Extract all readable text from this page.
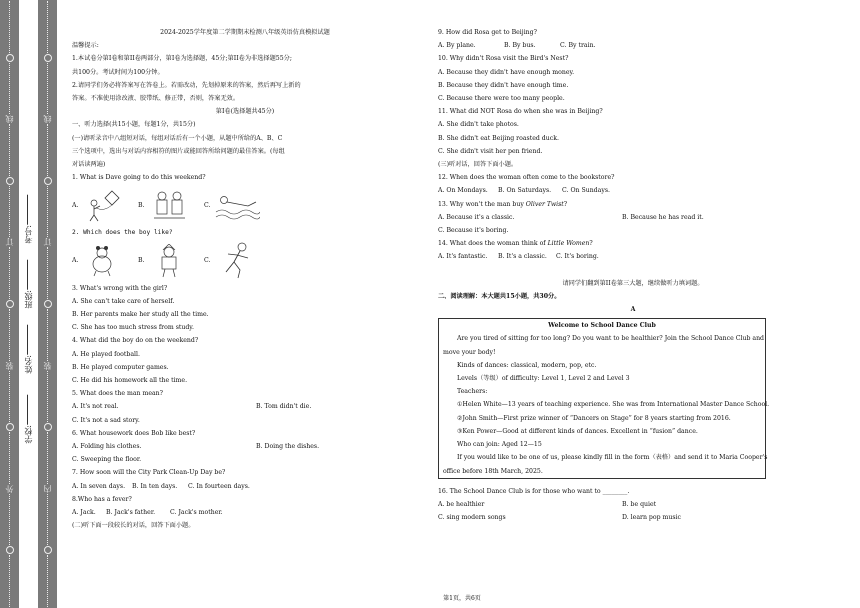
线
订
装
外
学校:
姓名:
班级:
考号:
线
订
装
内

2024-2025学年度第二学期期末检测八年级英语仿真模拟试题

温馨提示:

1.本试卷分第I卷和第II卷两部分，第I卷为选择题，45分;第II卷为非选择题55分;

共100分。考试时间为100分钟。

2.请同学们务必将答案写在答卷上。若需改动，先划掉原来的答案，然后再写上新的

答案。不准使用涂改液、胶带纸、修正带，否则，答案无效。

第I卷(选择题共45分)

一、听力选择(共15小题，每题1分，共15分)

(一)请听录音中八组短对话，每组对话后有一个小题，从题中所给的A、B、C

三个选项中，选出与对话内容相符的图片或能回答所给问题的最佳答案。(每组

对话读两遍)

1. What is Dave going to do this weekend?

A.	B.	C.

2. Which does the boy like?

A.	B.	C.

3. What's wrong with the girl?

A. She can't take care of herself.

B. Her parents make her study all the time.

C. She has too much stress from study.

4. What did the boy do on the weekend?

A. He played football.

B. He played computer games.

C. He did his homework all the time.

5. What does the man mean?

A. It's not real.	B. Tom didn't die.

C. It's not a sad story.

6. What housework does Bob like best?

A. Folding his clothes.	B. Doing the dishes.

C. Sweeping the floor.

7. How soon will the City Park Clean-Up Day be?

A. In seven days.	B. In ten days.	C. In fourteen days.

8.Who has a fever?

A. Jack.	B. Jack's father.	C. Jack's mother.

(二)听下面一段较长的对话，回答下面小题。

9. How did Rosa get to Beijing?

A. By plane.	B. By bus.	C. By train.

10. Why didn't Rosa visit the Bird's Nest?

A. Because they didn't have enough money.

B. Because they didn't have enough time.

C. Because there were too many people.

11. What did NOT Rosa do when she was in Beijing?

A. She didn't take photos.

B. She didn't eat Beijing roasted duck.

C. She didn't visit her pen friend.

(三)听对话，回答下面小题。

12. When does the woman often come to the bookstore?

A. On Mondays.	B. On Saturdays.	C. On Sundays.

13. Why won't the man buy Oliver Twist?

A. Because it's a classic.	B. Because he has read it.

C. Because it's boring.

14. What does the woman think of Little Women?

A. It's fantastic.	B. It's a classic.	C. It's boring.

请同学们翻到第II卷第三大题，继续做听力填词题。

二、阅读理解：本大题共15小题，共30分。

A

Welcome to School Dance Club

Are you tired of sitting for too long? Do you want to be healthier? Join the School Dance Club and

move your body!

Kinds of dances: classical, modern, pop, etc.

Levels（等级）of difficulty: Level 1, Level 2 and Level 3

Teachers:

①Helen White—13 years of teaching experience. She was from International Master Dance School.

②John Smith—First prize winner of “Dancers on Stage” for 8 years starting from 2016.

③Ken Power—Good at different kinds of dances. Excellent in “fusion” dance.

Who can join: Aged 12—15

If you would like to be one of us, please kindly fill in the form（表格）and send it to Maria Cooper's

office before 18th March, 2025.

16. The School Dance Club is for those who want to ________.

A. be healthier	B. be quiet
C. sing modern songs	D. learn pop music
第1页，共6页
